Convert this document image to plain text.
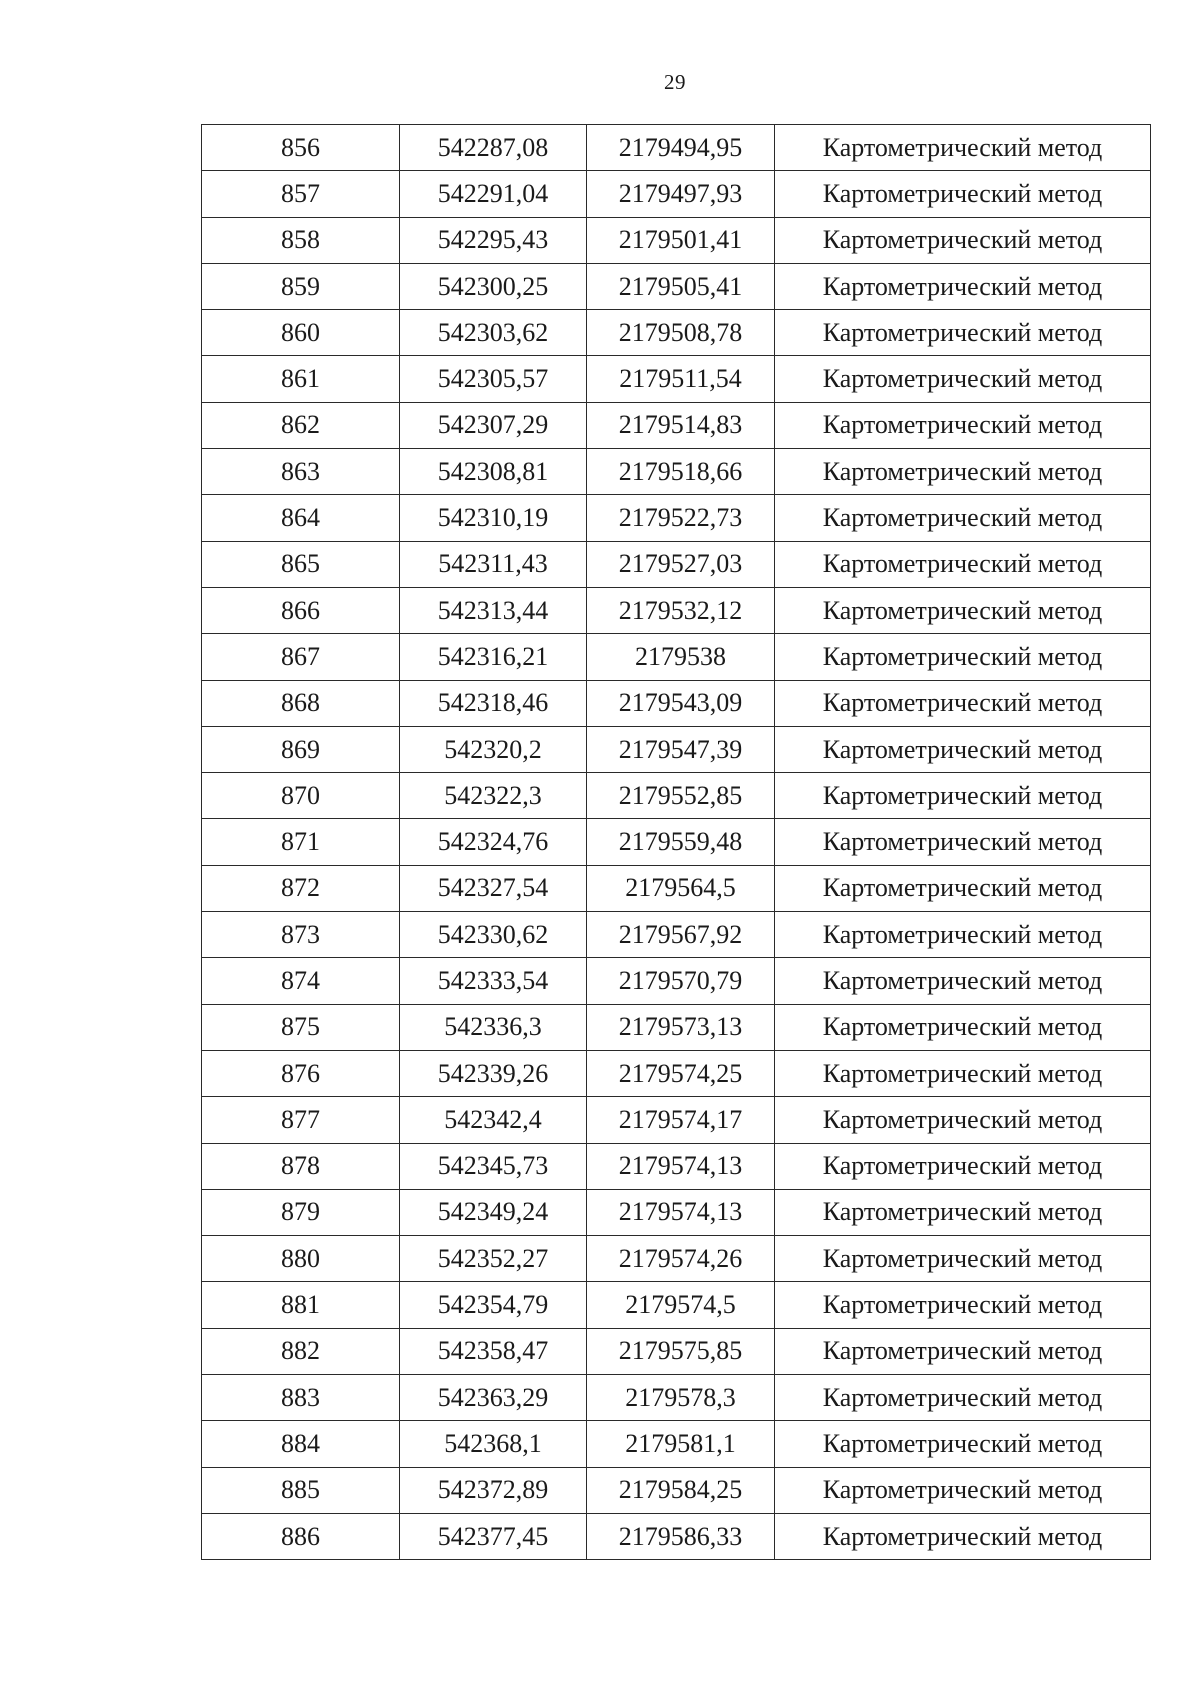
29
856	542287,08	2179494,95	Картометрический метод
857	542291,04	2179497,93	Картометрический метод
858	542295,43	2179501,41	Картометрический метод
859	542300,25	2179505,41	Картометрический метод
860	542303,62	2179508,78	Картометрический метод
861	542305,57	2179511,54	Картометрический метод
862	542307,29	2179514,83	Картометрический метод
863	542308,81	2179518,66	Картометрический метод
864	542310,19	2179522,73	Картометрический метод
865	542311,43	2179527,03	Картометрический метод
866	542313,44	2179532,12	Картометрический метод
867	542316,21	2179538	Картометрический метод
868	542318,46	2179543,09	Картометрический метод
869	542320,2	2179547,39	Картометрический метод
870	542322,3	2179552,85	Картометрический метод
871	542324,76	2179559,48	Картометрический метод
872	542327,54	2179564,5	Картометрический метод
873	542330,62	2179567,92	Картометрический метод
874	542333,54	2179570,79	Картометрический метод
875	542336,3	2179573,13	Картометрический метод
876	542339,26	2179574,25	Картометрический метод
877	542342,4	2179574,17	Картометрический метод
878	542345,73	2179574,13	Картометрический метод
879	542349,24	2179574,13	Картометрический метод
880	542352,27	2179574,26	Картометрический метод
881	542354,79	2179574,5	Картометрический метод
882	542358,47	2179575,85	Картометрический метод
883	542363,29	2179578,3	Картометрический метод
884	542368,1	2179581,1	Картометрический метод
885	542372,89	2179584,25	Картометрический метод
886	542377,45	2179586,33	Картометрический метод
